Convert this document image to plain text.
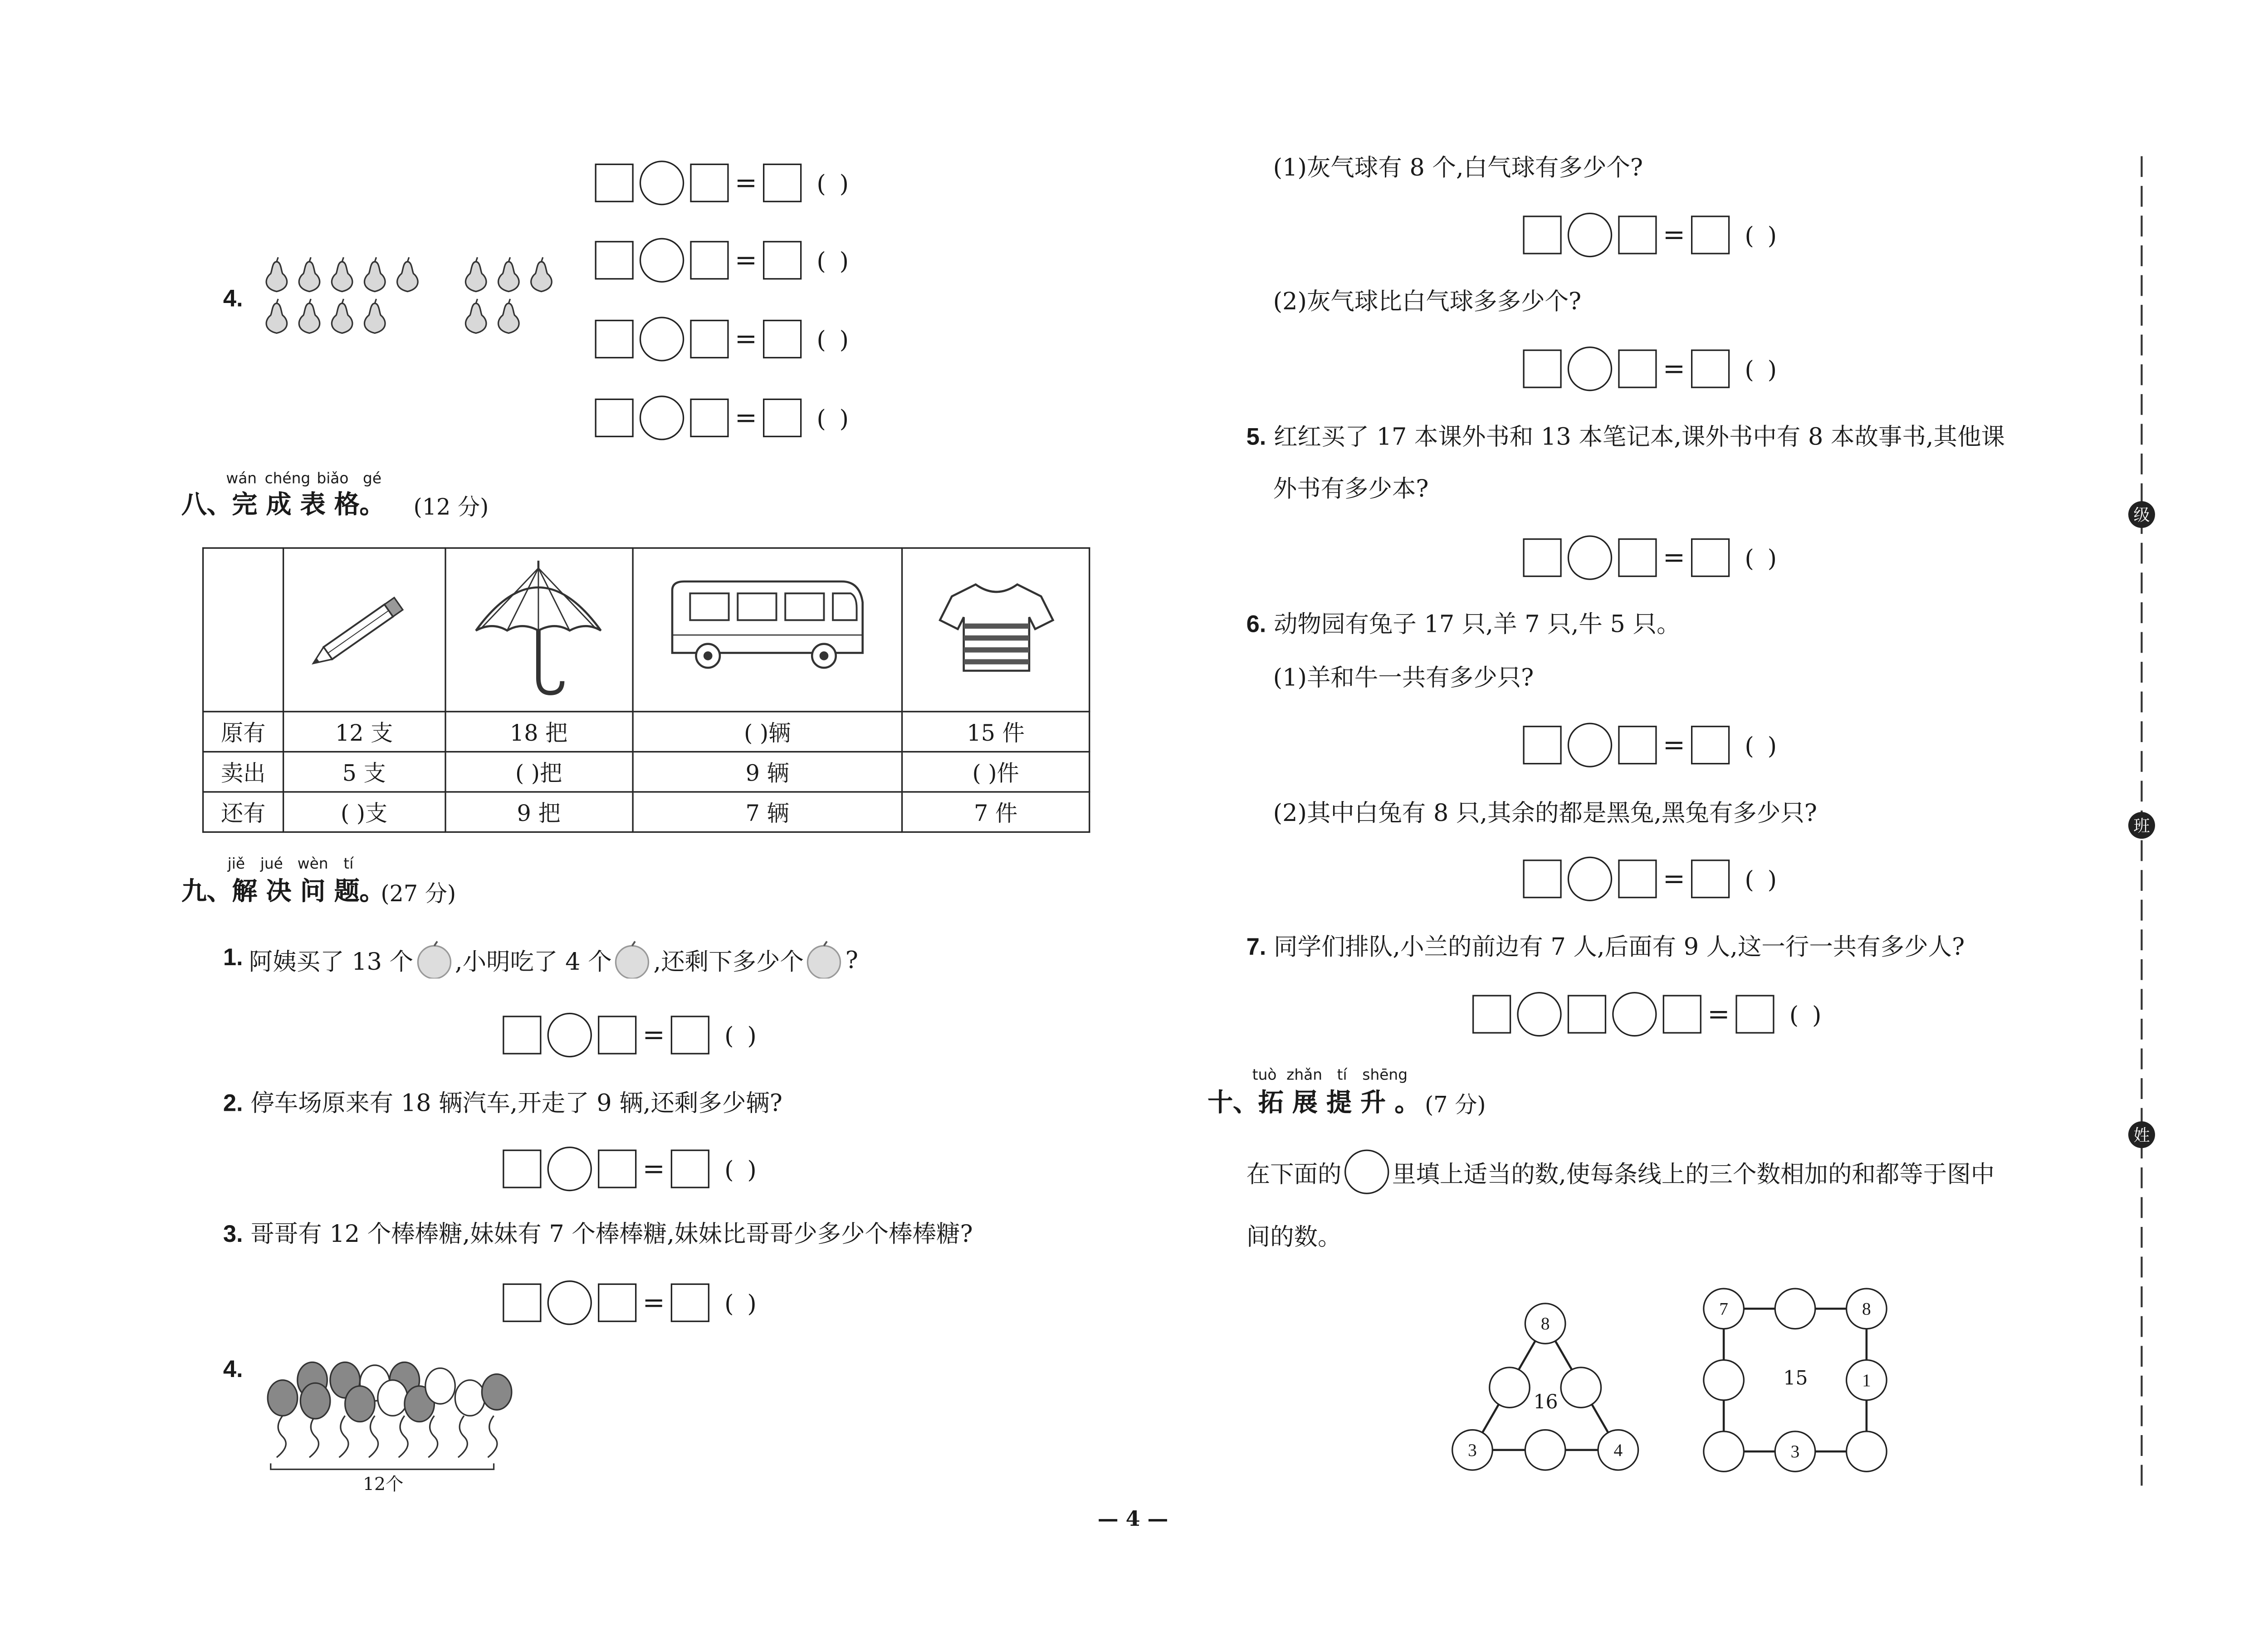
4.
=	( )
=	( )
=	( )
=	( )
wán chéng biǎo	gé
八、完 成 表 格。	(12 分)

原有	12 支	18 把	( )辆	15 件
卖出	5 支	( )把	9 辆	( )件
还有	( )支	9 把	7 辆	7 件
jiě	jué	wèn	tí
九、解 决 问 题。
(27 分)
1. 阿姨买了 13 个	,小明吃了 4 个	,还剩下多少个	?
=	( )
2. 停车场原来有 18 辆汽车,开走了 9 辆,还剩多少辆?
=	( )
3. 哥哥有 12 个棒棒糖,妹妹有 7 个棒棒糖,妹妹比哥哥少多少个棒棒糖?
=	( )
4.
12个
(1)灰气球有 8 个,白气球有多少个?
=	( )
(2)灰气球比白气球多多少个?
=	( )
5. 红红买了 17 本课外书和 13 本笔记本,课外书中有 8 本故事书,其他课
外书有多少本?
=	( )
6. 动物园有兔子 17 只,羊 7 只,牛 5 只。
(1)羊和牛一共有多少只?
=	( )
(2)其中白兔有 8 只,其余的都是黑兔,黑兔有多少只?
=	( )
7. 同学们排队,小兰的前边有 7 人,后面有 9 人,这一行一共有多少人?
=	( )
tuò zhǎn	tí	shēng
十、拓 展 提 升 。 (7 分)
在下面的	里填上适当的数,使每条线上的三个数相加的和都等于图中
间的数。
8
3	4
16
7	8
1
3
15
级
班
姓
— 4 —
